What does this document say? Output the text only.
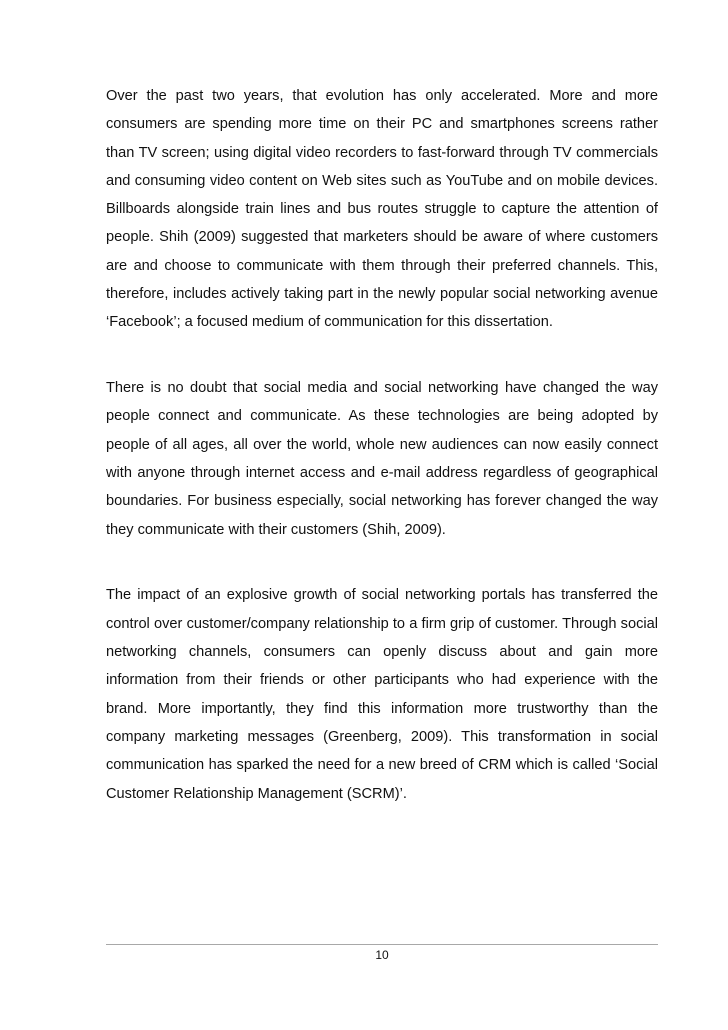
Over the past two years, that evolution has only accelerated. More and more consumers are spending more time on their PC and smartphones screens rather than TV screen; using digital video recorders to fast-forward through TV commercials and consuming video content on Web sites such as YouTube and on mobile devices. Billboards alongside train lines and bus routes struggle to capture the attention of people. Shih (2009) suggested that marketers should be aware of where customers are and choose to communicate with them through their preferred channels. This, therefore, includes actively taking part in the newly popular social networking avenue ‘Facebook’; a focused medium of communication for this dissertation.

There is no doubt that social media and social networking have changed the way people connect and communicate. As these technologies are being adopted by people of all ages, all over the world, whole new audiences can now easily connect with anyone through internet access and e-mail address regardless of geographical boundaries. For business especially, social networking has forever changed the way they communicate with their customers (Shih, 2009).

The impact of an explosive growth of social networking portals has transferred the control over customer/company relationship to a firm grip of customer. Through social networking channels, consumers can openly discuss about and gain more information from their friends or other participants who had experience with the brand. More importantly, they find this information more trustworthy than the company marketing messages (Greenberg, 2009). This transformation in social communication has sparked the need for a new breed of CRM which is called ‘Social Customer Relationship Management (SCRM)’.

10
